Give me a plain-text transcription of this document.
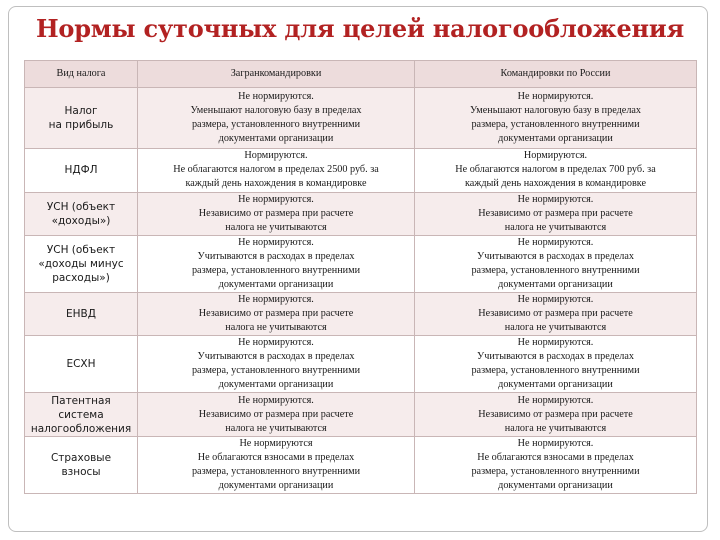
Нормы суточных для целей налогообложения
Вид налога	Загранкомандировки	Командировки по России

Налог
на прибыль	Не нормируются.
Уменьшают налоговую базу в пределах
размера, установленного внутренними
документами организации	Не нормируются.
Уменьшают налоговую базу в пределах
размера, установленного внутренними
документами организации

НДФЛ	Нормируются.
Не облагаются налогом в пределах 2500 руб. за
каждый день нахождения в командировке	Нормируются.
Не облагаются налогом в пределах 700 руб. за
каждый день нахождения в командировке

УСН (объект
«доходы»)	Не нормируются.
Независимо от размера при расчете
налога не учитываются	Не нормируются.
Независимо от размера при расчете
налога не учитываются

УСН (объект
«доходы минус
расходы»)	Не нормируются.
Учитываются в расходах в пределах
размера, установленного внутренними
документами организации	Не нормируются.
Учитываются в расходах в пределах
размера, установленного внутренними
документами организации

ЕНВД	Не нормируются.
Независимо от размера при расчете
налога не учитываются	Не нормируются.
Независимо от размера при расчете
налога не учитываются

ЕСХН	Не нормируются.
Учитываются в расходах в пределах
размера, установленного внутренними
документами организации	Не нормируются.
Учитываются в расходах в пределах
размера, установленного внутренними
документами организации

Патентная система
налогообложения	Не нормируются.
Независимо от размера при расчете
налога не учитываются	Не нормируются.
Независимо от размера при расчете
налога не учитываются

Страховые
взносы	Не нормируются
Не облагаются взносами в пределах
размера, установленного внутренними
документами организации	Не нормируются.
Не облагаются взносами в пределах
размера, установленного внутренними
документами организации
